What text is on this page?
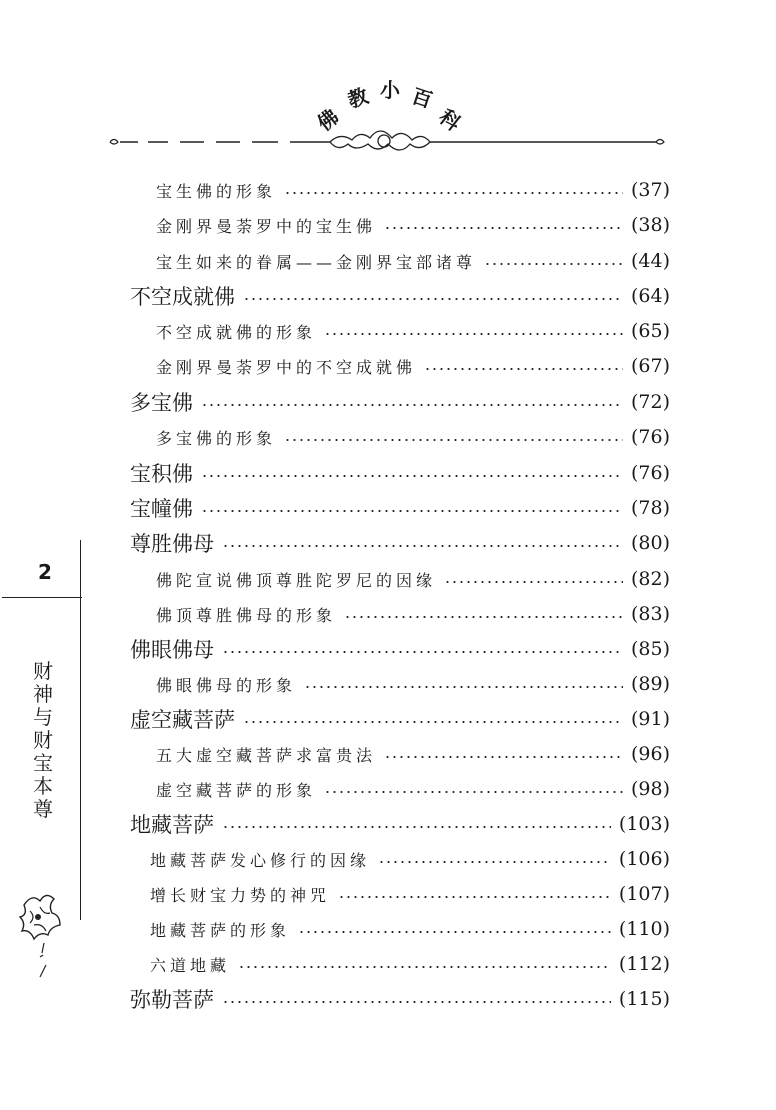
佛
教 小 百
科
宝生佛的形象	(37)
金刚界曼荼罗中的宝生佛	(38)
宝生如来的眷属——金刚界宝部诸尊	(44)
不空成就佛	(64)
不空成就佛的形象	(65)
金刚界曼荼罗中的不空成就佛	(67)
多宝佛	(72)
多宝佛的形象	(76)
宝积佛	(76)
宝幢佛	(78)
尊胜佛母	(80)
佛陀宣说佛顶尊胜陀罗尼的因缘	(82)
佛顶尊胜佛母的形象	(83)
佛眼佛母	(85)
佛眼佛母的形象	(89)
虚空藏菩萨	(91)
五大虚空藏菩萨求富贵法	(96)
虚空藏菩萨的形象	(98)
地藏菩萨	(103)
地藏菩萨发心修行的因缘	(106)
增长财宝力势的神咒	(107)
地藏菩萨的形象	(110)
六道地藏	(112)
弥勒菩萨	(115)
2
财
神
与
财
宝
本
尊
